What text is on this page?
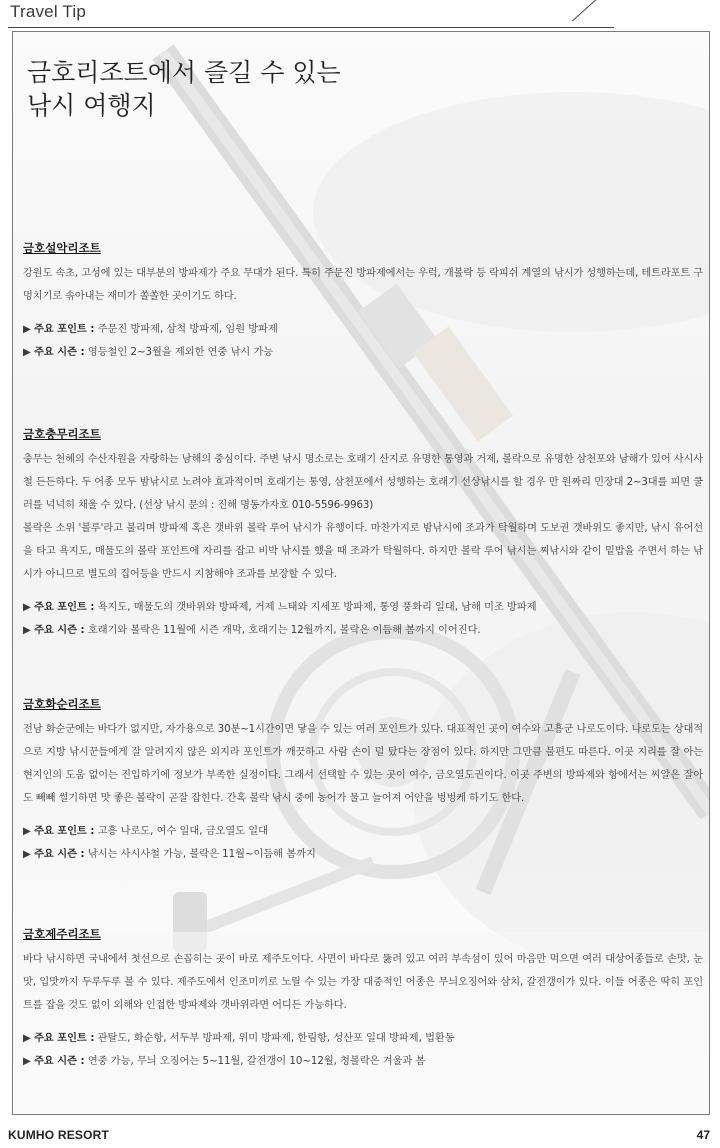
Travel Tip
금호리조트에서 즐길 수 있는
낚시 여행지
금호설악리조트
강원도 속초, 고성에 있는 대부분의 방파제가 주요 무대가 된다. 특히 주문진 방파제에서는 우럭, 개볼락 등 락피쉬 계열의 낚시가 성행하는데, 테트라포트 구멍치기로 솎아내는 재미가 쏠쏠한 곳이기도 하다.
▶ 주요 포인트 : 주문진 방파제, 삼척 방파제, 임원 방파제
▶ 주요 시즌 : 영등철인 2~3월을 제외한 연중 낚시 가능
금호충무리조트
충무는 천혜의 수산자원을 자랑하는 남해의 중심이다. 주변 낚시 명소로는 호래기 산지로 유명한 통영과 거제, 볼락으로 유명한 삼천포와 남해가 있어 사시사철 든든하다. 두 어종 모두 밤낚시로 노려야 효과적이며 호래기는 통영, 삼천포에서 성행하는 호래기 선상낚시를 할 경우 만 원짜리 민장대 2~3대를 피면 쿨러를 넉넉히 채울 수 있다. (선상 낚시 문의 : 진해 명동가자호 010-5596-9963)
볼락은 소위 '볼루'라고 불리며 방파제 혹은 갯바위 볼락 루어 낚시가 유행이다. 마찬가지로 밤낚시에 조과가 탁월하며 도보권 갯바위도 좋지만, 낚시 유어선을 타고 욕지도, 매물도의 볼락 포인트에 자리를 잡고 비박 낚시를 했을 때 조과가 탁월하다. 하지만 볼락 루어 낚시는 찌낚시와 같이 밑밥을 주면서 하는 낚시가 아니므로 별도의 집어등을 반드시 지참해야 조과를 보장할 수 있다.
▶ 주요 포인트 : 욕지도, 매물도의 갯바위와 방파제, 거제 느태와 지세포 방파제, 통영 풍화리 일대, 남해 미조 방파제
▶ 주요 시즌 : 호래기와 볼락은 11월에 시즌 개막, 호래기는 12월까지, 볼락은 이듬해 봄까지 이어진다.
금호화순리조트
전남 화순군에는 바다가 없지만, 자가용으로 30분~1시간이면 닿을 수 있는 여러 포인트가 있다. 대표적인 곳이 여수와 고흥군 나로도이다. 나로도는 상대적으로 지방 낚시꾼들에게 잘 알려지지 않은 외지라 포인트가 깨끗하고 사람 손이 덜 탔다는 장점이 있다. 하지만 그만큼 불편도 따른다. 이곳 지리를 잘 아는 현지인의 도움 없이는 진입하기에 정보가 부족한 실정이다. 그래서 선택할 수 있는 곳이 여수, 금오열도권이다. 이곳 주변의 방파제와 항에서는 씨알은 잘아도 뻬빼 썰기하면 맛 좋은 볼락이 곧잘 잡힌다. 간혹 볼락 낚시 중에 농어가 물고 늘어져 어안을 벙벙케 하기도 한다.
▶ 주요 포인트 : 고흥 나로도, 여수 일대, 금오열도 일대
▶ 주요 시즌 : 낚시는 사시사철 가능, 볼락은 11월~이듬해 봄까지
금호제주리조트
바다 낚시하면 국내에서 첫선으로 손꼽히는 곳이 바로 제주도이다. 사면이 바다로 뚫려 있고 여러 부속섬이 있어 마음만 먹으면 여러 대상어종들로 손맛, 눈맛, 입맛까지 두루두루 볼 수 있다. 제주도에서 인조미끼로 노릴 수 있는 가장 대중적인 어종은 무늬오징어와 삼치, 갈전갱이가 있다. 이들 어종은 딱히 포인트를 잡을 것도 없이 외해와 인접한 방파제와 갯바위라면 어디든 가능하다.
▶ 주요 포인트 : 관탈도, 화순항, 서두부 방파제, 위미 방파제, 한림항, 성산포 일대 방파제, 법환동
▶ 주요 시즌 : 연중 가능, 무늬 오징어는 5~11월, 갈전갱이 10~12월, 청볼락은 겨울과 봄
KUMHO RESORT	47
